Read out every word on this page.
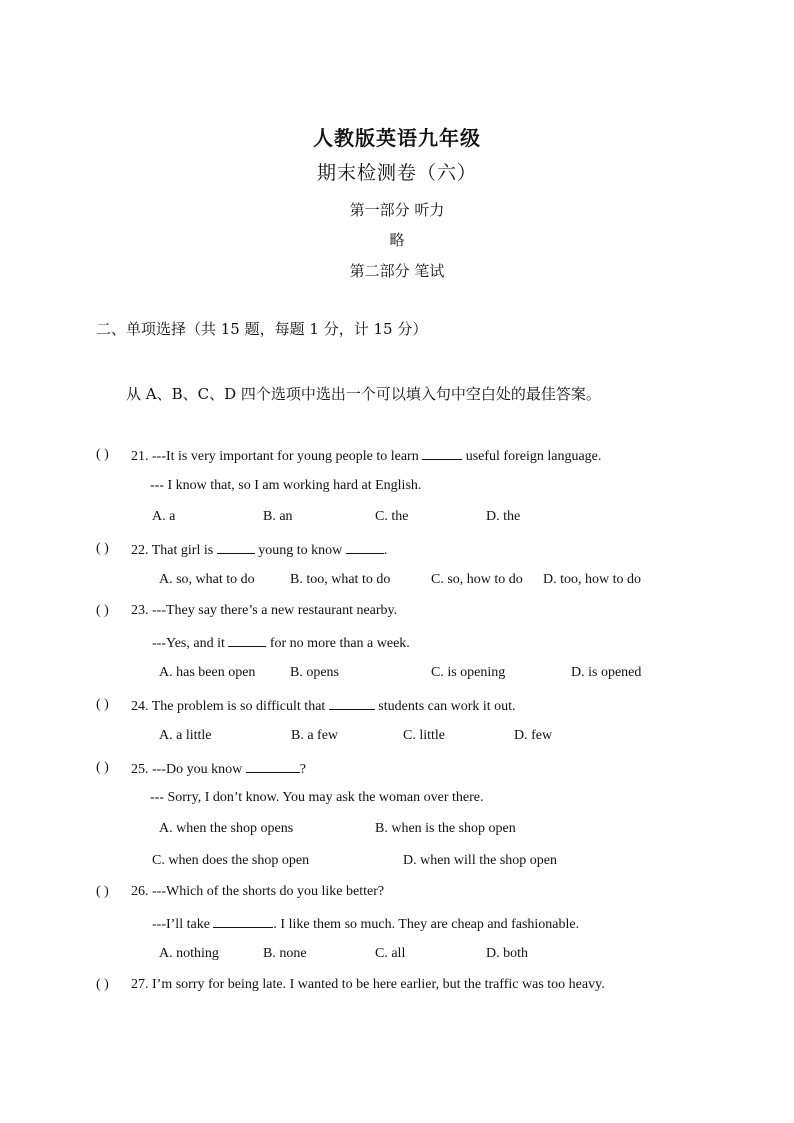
人教版英语九年级
期末检测卷（六）
第一部分 听力
略
第二部分 笔试
二、单项选择（共 15 题，每题 1 分，计 15 分）
从 A、B、C、D 四个选项中选出一个可以填入句中空白处的最佳答案。
( ) 21. ---It is very important for young people to learn	useful foreign language.
--- I know that, so I am working hard at English.
A. a	B. an	C. the	D. the
( ) 22. That girl is	young to know	.
A. so, what to do	B. too, what to do	C. so, how to do D. too, how to do
( ) 23. ---They say there’s a new restaurant nearby.
---Yes, and it	for no more than a week.
A. has been open B. opens	C. is opening	D. is opened
( ) 24. The problem is so difficult that	students can work it out.
A. a little	B. a few	C. little	D. few
( ) 25. ---Do you know	?
--- Sorry, I don’t know. You may ask the woman over there.
A. when the shop opens	B. when is the shop open
C. when does the shop open	D. when will the shop open
( ) 26. ---Which of the shorts do you like better?
---I’ll take	. I like them so much. They are cheap and fashionable.
A. nothing	B. none	C. all	D. both
( ) 27. I’m sorry for being late. I wanted to be here earlier, but the traffic was too heavy.
